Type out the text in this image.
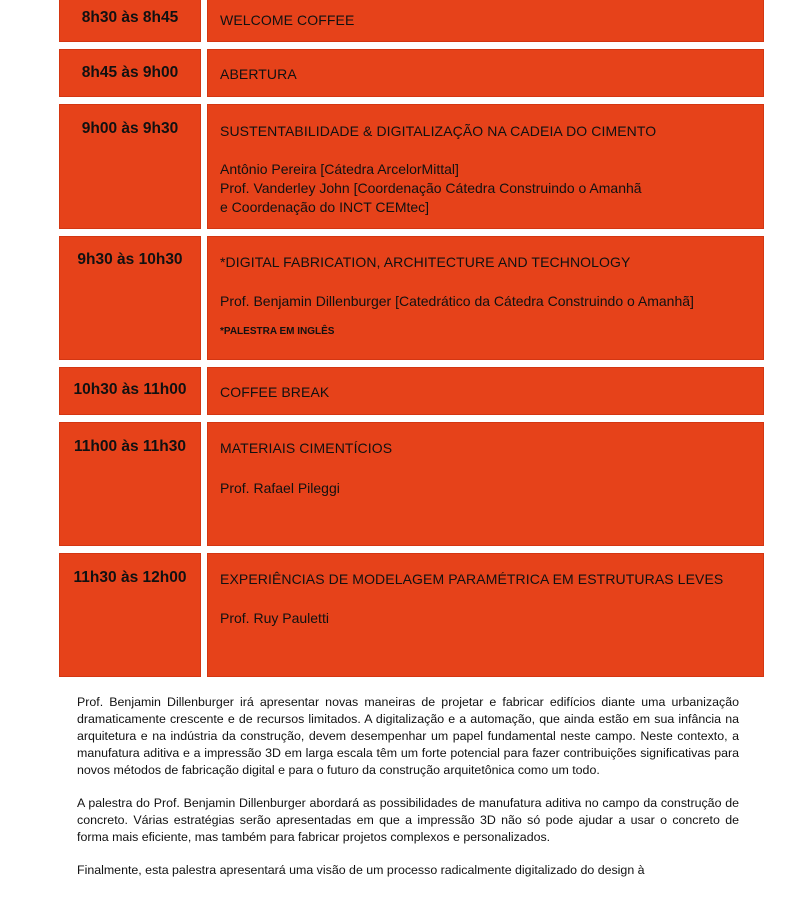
8h30 às 8h45	WELCOME COFFEE
8h45 às 9h00	ABERTURA
9h00 às 9h30	SUSTENTABILIDADE & DIGITALIZAÇÃO NA CADEIA DO CIMENTO
Antônio Pereira [Cátedra ArcelorMittal]
Prof. Vanderley John [Coordenação Cátedra Construindo o Amanhã
e Coordenação do INCT CEMtec]
9h30 às 10h30	*DIGITAL FABRICATION, ARCHITECTURE AND TECHNOLOGY
Prof. Benjamin Dillenburger [Catedrático da Cátedra Construindo o Amanhã]
*PALESTRA EM INGLÊS
10h30 às 11h00	COFFEE BREAK
11h00 às 11h30	MATERIAIS CIMENTÍCIOS
Prof. Rafael Pileggi
11h30 às 12h00	EXPERIÊNCIAS DE MODELAGEM PARAMÉTRICA EM ESTRUTURAS LEVES
Prof. Ruy Pauletti

Prof. Benjamin Dillenburger irá apresentar novas maneiras de projetar e fabricar edifícios diante uma urbanização dramaticamente crescente e de recursos limitados. A digitalização e a automação, que ainda estão em sua infância na arquitetura e na indústria da construção, devem desempenhar um papel fundamental neste campo. Neste contexto, a manufatura aditiva e a impressão 3D em larga escala têm um forte potencial para fazer contribuições significativas para novos métodos de fabricação digital e para o futuro da construção arquitetônica como um todo.

A palestra do Prof. Benjamin Dillenburger abordará as possibilidades de manufatura aditiva no campo da construção de concreto. Várias estratégias serão apresentadas em que a impressão 3D não só pode ajudar a usar o concreto de forma mais eficiente, mas também para fabricar projetos complexos e personalizados.

Finalmente, esta palestra apresentará uma visão de um processo radicalmente digitalizado do design à
